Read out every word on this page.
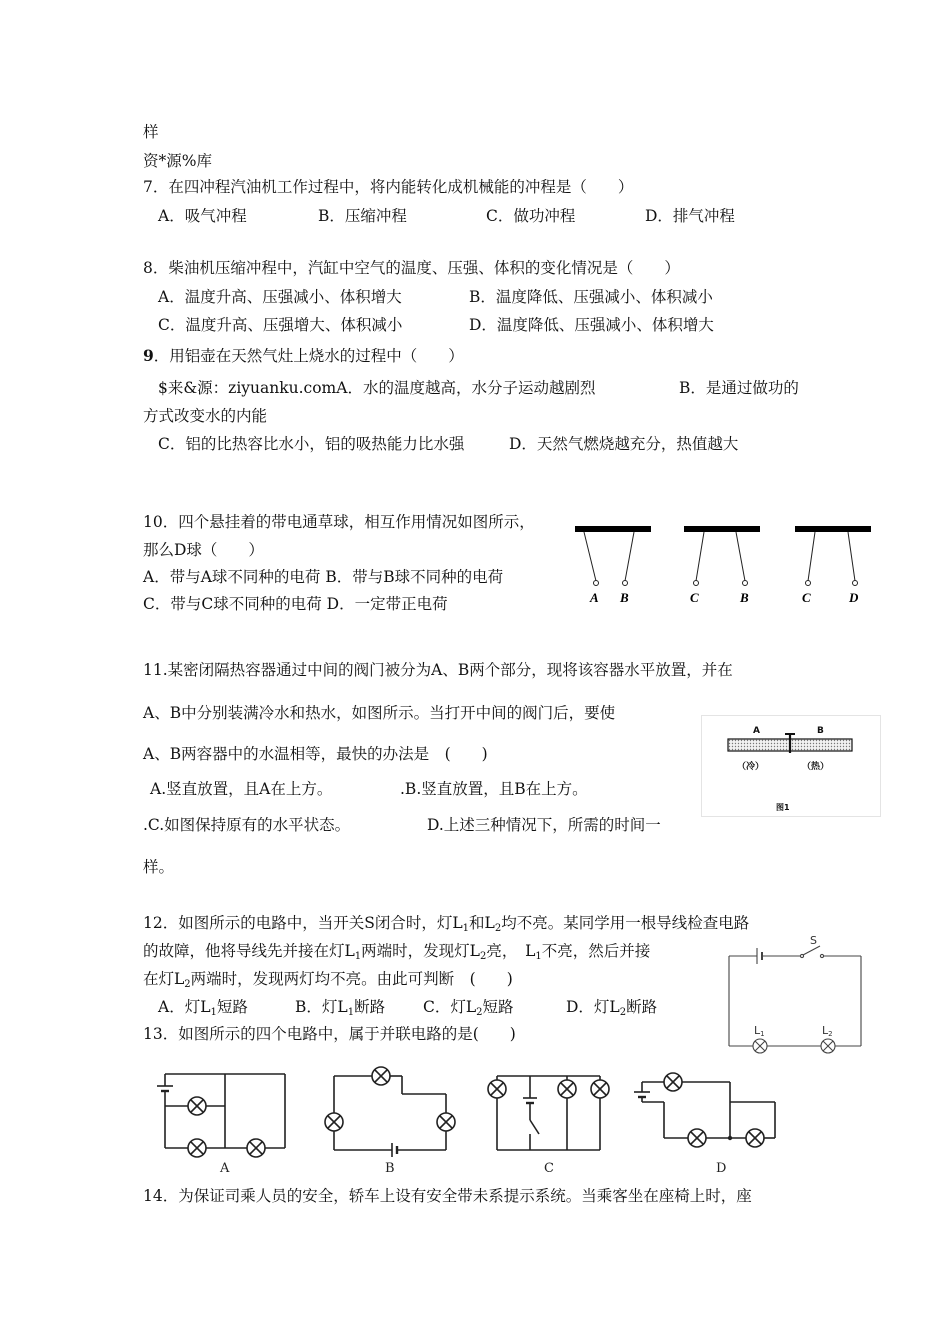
样
资*源%库
7．在四冲程汽油机工作过程中，将内能转化成机械能的冲程是（　　）
A．吸气冲程	B．压缩冲程	C．做功冲程	D．排气冲程
8．柴油机压缩冲程中，汽缸中空气的温度、压强、体积的变化情况是（　　）
A．温度升高、压强减小、体积增大	B．温度降低、压强减小、体积减小
C．温度升高、压强增大、体积减小	D．温度降低、压强减小、体积增大
9．用铝壶在天然气灶上烧水的过程中（　　）
$来&源：ziyuanku.comA．水的温度越高，水分子运动越剧烈	B．是通过做功的
方式改变水的内能
C．铝的比热容比水小，铝的吸热能力比水强	D．天然气燃烧越充分，热值越大
10．四个悬挂着的带电通草球，相互作用情况如图所示，
那么D球（　　）
A．带与A球不同种的电荷 B．带与B球不同种的电荷
C．带与C球不同种的电荷 D．一定带正电荷	A B	C	B	C	D
11.某密闭隔热容器通过中间的阀门被分为A、B两个部分，现将该容器水平放置，并在
A、B中分别装满冷水和热水，如图所示。当打开中间的阀门后，要使
A、B两容器中的水温相等，最快的办法是　(　　)
A.竖直放置，且A在上方。	.B.竖直放置，且B在上方。
.C.如图保持原有的水平状态。	D.上述三种情况下，所需的时间一
样。
A	B
（冷）	（热）
图1
12．如图所示的电路中，当开关S闭合时，灯$L_1$和$L_2$均不亮。某同学用一根导线检查电路
的故障，他将导线先并接在灯$L_1$两端时，发现灯$L_2$亮，　$L_1$不亮，然后并接
在灯$L_2$两端时，发现两灯均不亮。由此可判断　(　　)
A．灯$L_1$短路	B．灯$L_1$断路 C．灯$L_2$短路	D．灯$L_2$断路
S
L1	L2
13．如图所示的四个电路中，属于并联电路的是(　　)
A	B	C	D
14．为保证司乘人员的安全，轿车上设有安全带未系提示系统。当乘客坐在座椅上时，座
